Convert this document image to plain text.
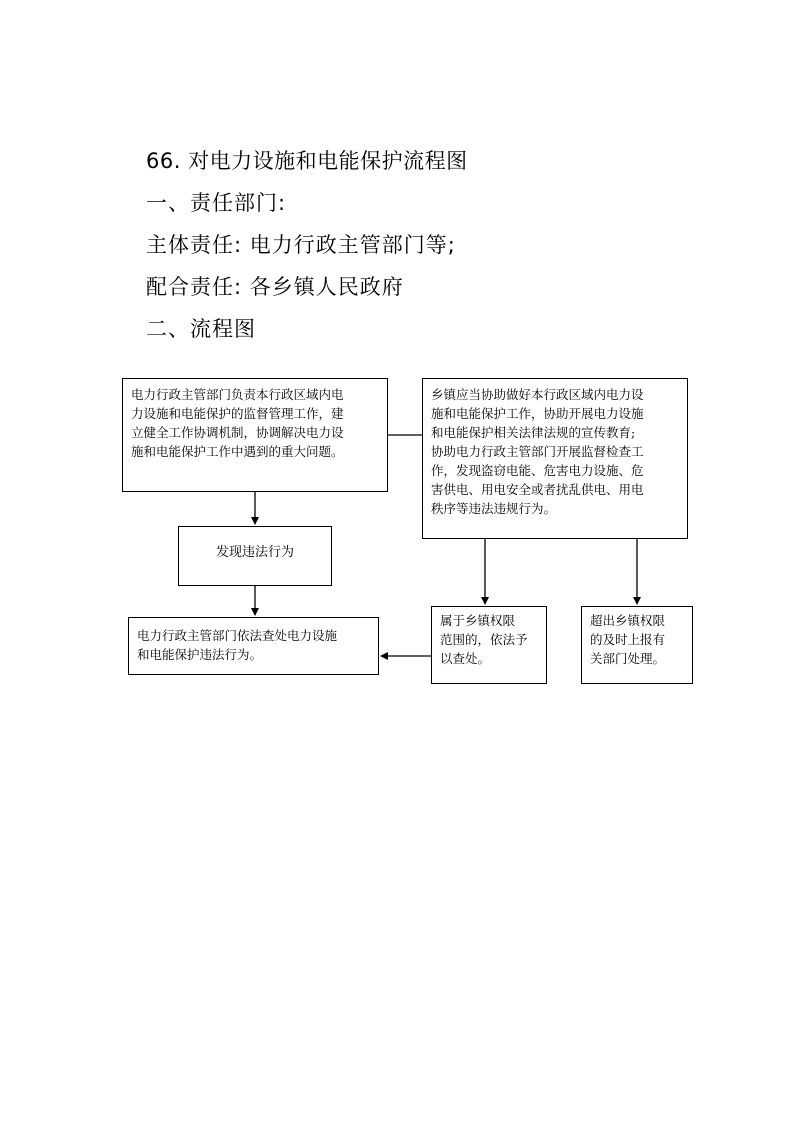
66. 对电力设施和电能保护流程图
一、责任部门:
主体责任: 电力行政主管部门等;
配合责任: 各乡镇人民政府
二、流程图
电力行政主管部门负责本行政区域内电
力设施和电能保护的监督管理工作，建
立健全工作协调机制，协调解决电力设
施和电能保护工作中遇到的重大问题。
乡镇应当协助做好本行政区域内电力设
施和电能保护工作，协助开展电力设施
和电能保护相关法律法规的宣传教育;
协助电力行政主管部门开展监督检查工
作，发现盗窃电能、危害电力设施、危
害供电、用电安全或者扰乱供电、用电
秩序等违法违规行为。
发现违法行为
电力行政主管部门依法查处电力设施
和电能保护违法行为。
属于乡镇权限
范围的，依法予
以查处。
超出乡镇权限
的及时上报有
关部门处理。
